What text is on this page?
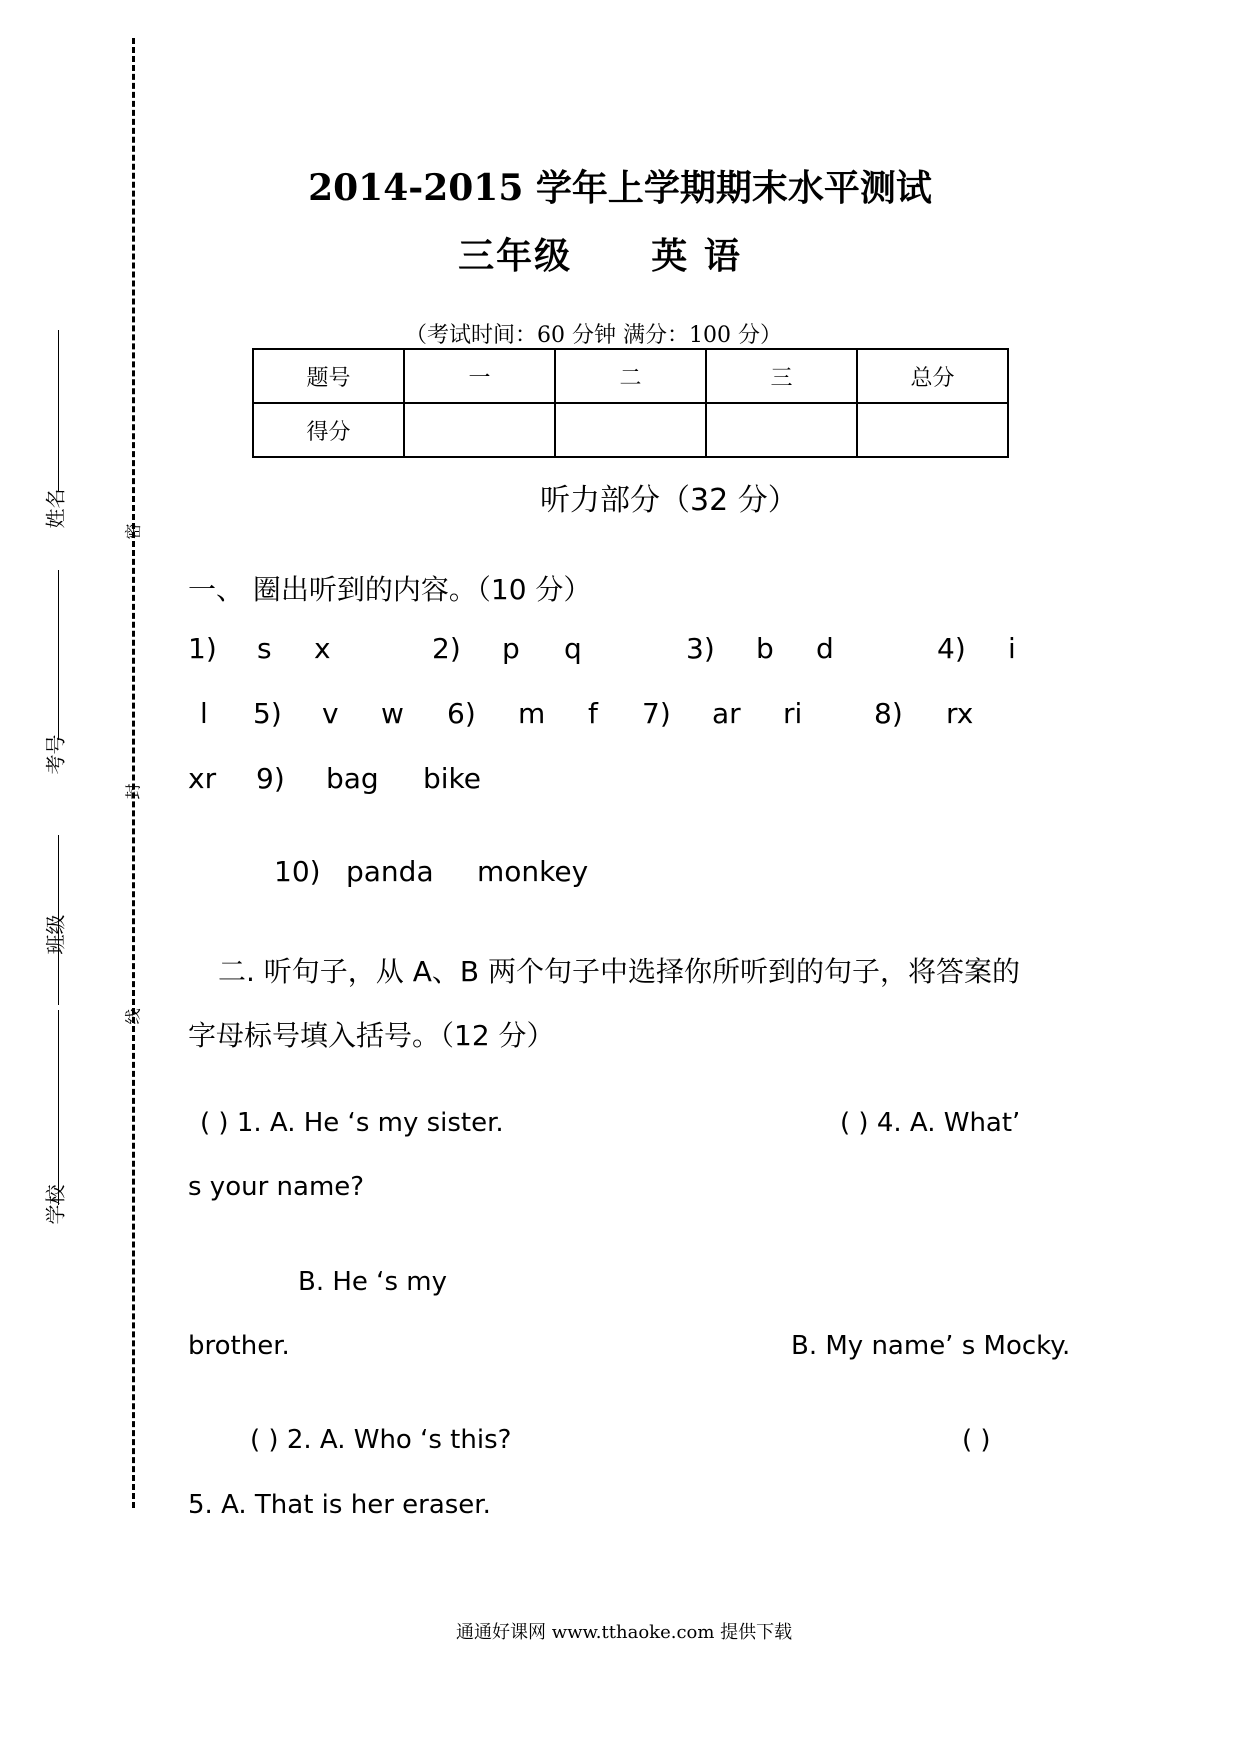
密
封
线
姓名
考号
班级
学校
2014-2015 学年上学期期末水平测试
三年级 英 语
（考试时间：60 分钟 满分：100 分）
题号	一	二	三	总分
得分				
听力部分（32 分）
一、 圈出听到的内容。（10 分）
1) s x	2) p q	3) b d	4) i
l 5) v w 6) m f 7) ar ri	8) rx
xr 9) bag bike
10) panda monkey
二. 听句子，从 A、B 两个句子中选择你所听到的句子，将答案的
字母标号填入括号。（12 分）
( ) 1. A. He ‘s my sister.	( ) 4. A. What’
s your name?
B. He ‘s my
brother.	B. My name’ s Mocky.
( ) 2. A. Who ‘s this?	( )
5. A. That is her eraser.
通通好课网 www.tthaoke.com 提供下载
